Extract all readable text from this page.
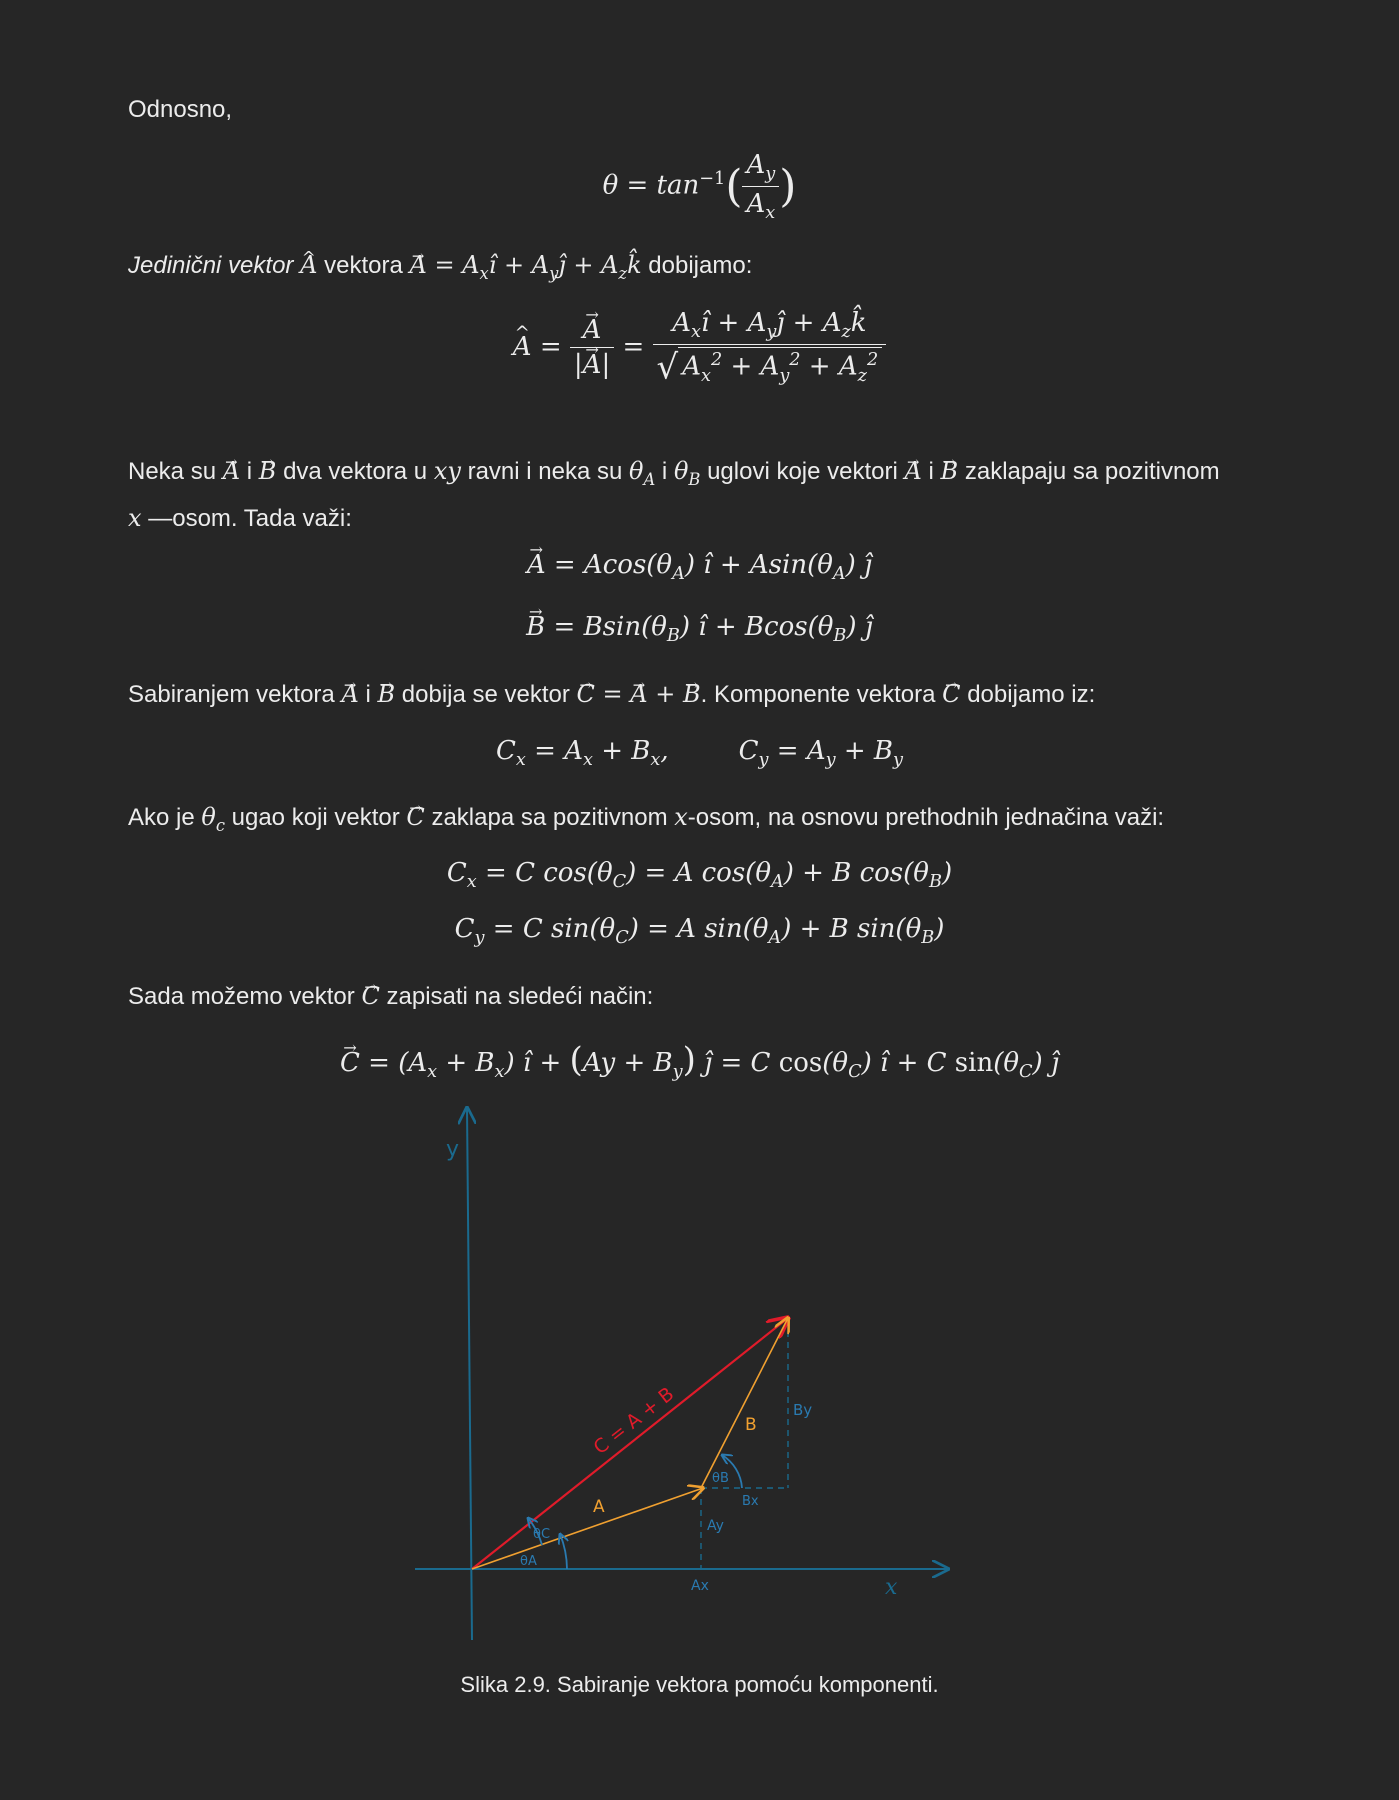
Odnosno,
$\theta = \tan^{-1}( \frac{A_y}{A_x}$ )
Jedinični vektor ^ A vektora → $A = A_xî$ + $A_yĵ$ + $A_zk̂$ dobijamo:
^ A = → $\frac{A}{|\to A|} = \frac{A_xî + A_yĵ + A_zk̂}{√ A_x^2 + A_y^2 + A_z^2}$
Neka su → A i → B dva vektora u xy ravni i neka su $\theta_A$ i $\theta_B$ uglovi koje vektori → A i → B zaklapaju sa pozitivnom
x —osom. Tada važi:
→ $A = Acos(\theta_A)$ î + $Asin(\theta_A)$ ĵ
→ $B = Bsin(\theta_B)$ î + $Bcos(\theta_B)$ ĵ
Sabiranjem vektora → A i → B dobija se vektor → C = → A + → B. Komponente vektora → C dobijamo iz:
$C_x = A_x + B_x$,	$C_y = A_y + B_y$
Ako je $\theta_c$ ugao koji vektor → C zaklapa sa pozitivnom x-osom, na osnovu prethodnih jednačina važi:
$C_x = C$ $\cos(\theta_C) = A$ $\cos(\theta_A) + B$ $\cos(\theta_B)$
$C_y = C$ $\sin(\theta_C) = A$ $\sin(\theta_A) + B$ $\sin(\theta_B)$
Sada možemo vektor → C zapisati na sledeći način:
→ $C = (A_x + B_x)$ î + $(Ay + B_y)$ ĵ = C $\cos(\theta_C)$ î + C $\sin(\theta_C)$ ĵ
y
x
C = A + B
A
B
θA
θC
θB
Ax
Ay
Bx
By
Slika 2.9. Sabiranje vektora pomoću komponenti.
